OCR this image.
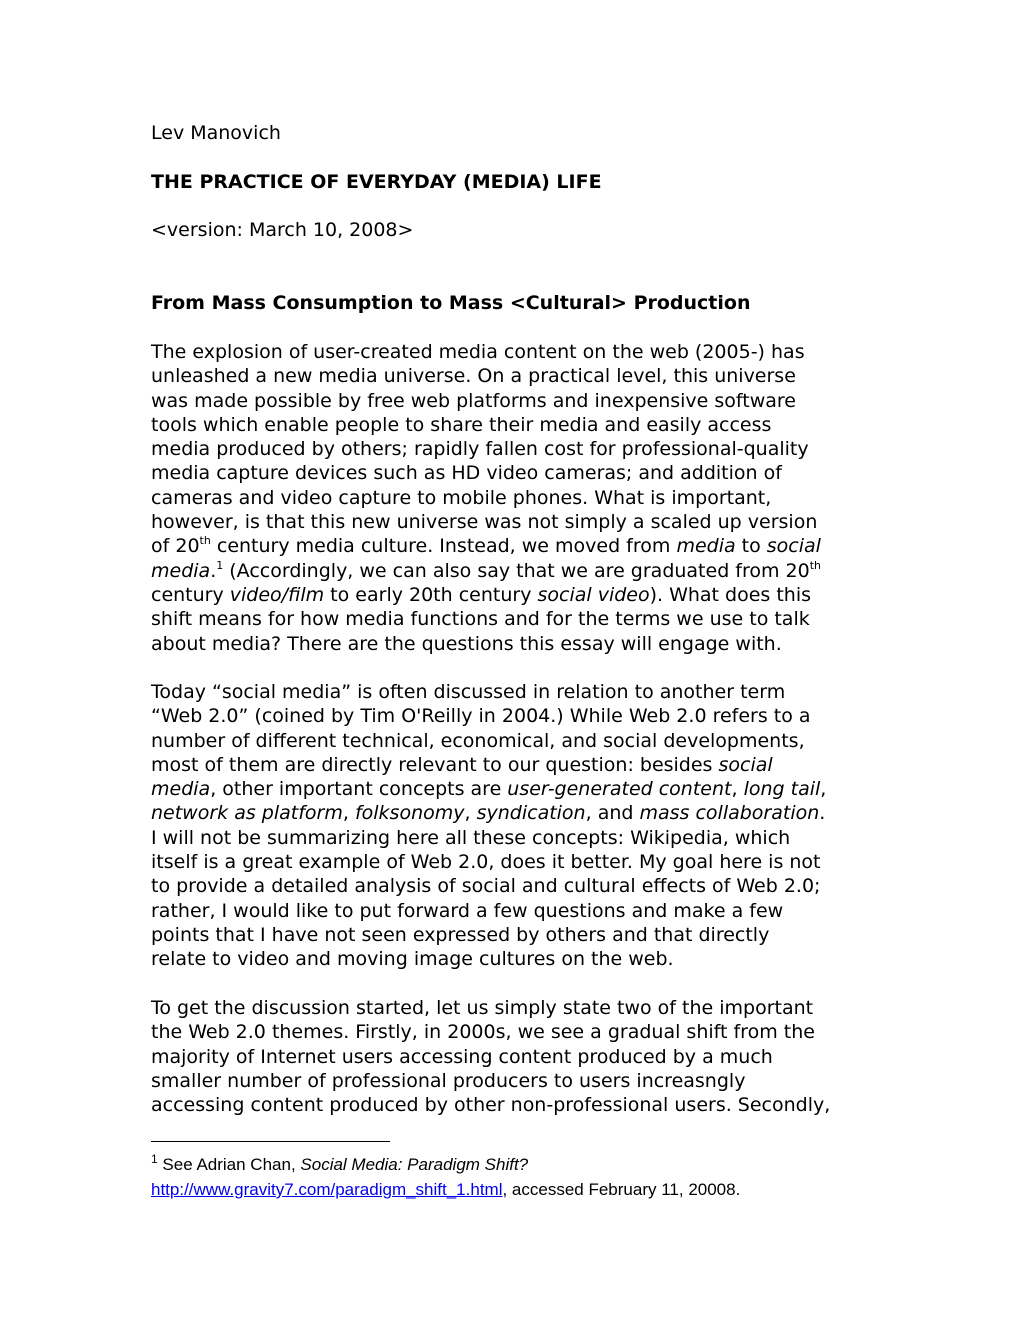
Lev Manovich

THE PRACTICE OF EVERYDAY (MEDIA) LIFE

<version: March 10, 2008>

From Mass Consumption to Mass <Cultural> Production

The explosion of user-created media content on the web (2005-) has

unleashed a new media universe. On a practical level, this universe

was made possible by free web platforms and inexpensive software

tools which enable people to share their media and easily access

media produced by others; rapidly fallen cost for professional-quality

media capture devices such as HD video cameras; and addition of

cameras and video capture to mobile phones. What is important,

however, is that this new universe was not simply a scaled up version

of 20th century media culture. Instead, we moved from media to social

media.$^1$ (Accordingly, we can also say that we are graduated from 20th

century video/film to early 20th century social video). What does this

shift means for how media functions and for the terms we use to talk

about media? There are the questions this essay will engage with.

Today “social media” is often discussed in relation to another term

“Web 2.0” (coined by Tim O'Reilly in 2004.) While Web 2.0 refers to a

number of different technical, economical, and social developments,

most of them are directly relevant to our question: besides social

media, other important concepts are user-generated content, long tail,

network as platform, folksonomy, syndication, and mass collaboration.

I will not be summarizing here all these concepts: Wikipedia, which

itself is a great example of Web 2.0, does it better. My goal here is not

to provide a detailed analysis of social and cultural effects of Web 2.0;

rather, I would like to put forward a few questions and make a few

points that I have not seen expressed by others and that directly

relate to video and moving image cultures on the web.

To get the discussion started, let us simply state two of the important

the Web 2.0 themes. Firstly, in 2000s, we see a gradual shift from the

majority of Internet users accessing content produced by a much

smaller number of professional producers to users increasngly

accessing content produced by other non-professional users. Secondly,

$^1$ See Adrian Chan, Social Media: Paradigm Shift?
http://www.gravity7.com/paradigm_shift_1.html, accessed February 11, 20008.
